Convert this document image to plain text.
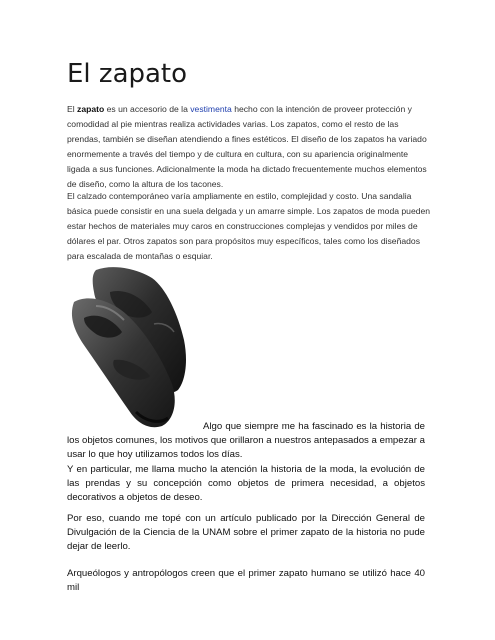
El zapato

El zapato es un accesorio de la vestimenta hecho con la intención de proveer protección y comodidad al pie mientras realiza actividades varias. Los zapatos, como el resto de las prendas, también se diseñan atendiendo a fines estéticos. El diseño de los zapatos ha variado enormemente a través del tiempo y de cultura en cultura, con su apariencia originalmente ligada a sus funciones. Adicionalmente la moda ha dictado frecuentemente muchos elementos de diseño, como la altura de los tacones.

El calzado contemporáneo varía ampliamente en estilo, complejidad y costo. Una sandalia básica puede consistir en una suela delgada y un amarre simple. Los zapatos de moda pueden estar hechos de materiales muy caros en construcciones complejas y vendidos por miles de dólares el par. Otros zapatos son para propósitos muy específicos, tales como los diseñados para escalada de montañas o esquiar.

Algo que siempre me ha fascinado es la historia de los objetos comunes, los motivos que orillaron a nuestros antepasados a empezar a usar lo que hoy utilizamos todos los días.
Y en particular, me llama mucho la atención la historia de la moda, la evolución de las prendas y su concepción como objetos de primera necesidad, a objetos decorativos a objetos de deseo.

Por eso, cuando me topé con un artículo publicado por la Dirección General de Divulgación de la Ciencia de la UNAM sobre el primer zapato de la historia no pude dejar de leerlo.

Arqueólogos y antropólogos creen que el primer zapato humano se utilizó hace 40 mil
